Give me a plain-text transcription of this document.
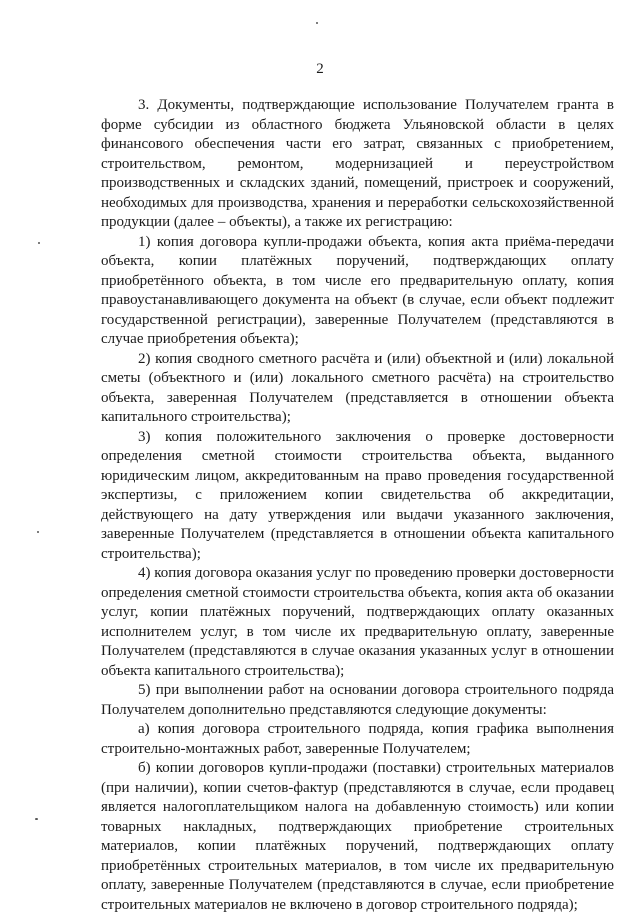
2

3. Документы, подтверждающие использование Получателем гранта в форме субсидии из областного бюджета Ульяновской области в целях финансового обеспечения части его затрат, связанных с приобретением, строительством, ремонтом, модернизацией и переустройством производственных и складских зданий, помещений, пристроек и сооружений, необходимых для производства, хранения и переработки сельскохозяйственной продукции (далее – объекты), а также их регистрацию:

1) копия договора купли-продажи объекта, копия акта приёма-передачи объекта, копии платёжных поручений, подтверждающих оплату приобретённого объекта, в том числе его предварительную оплату, копия правоустанавливающего документа на объект (в случае, если объект подлежит государственной регистрации), заверенные Получателем (представляются в случае приобретения объекта);

2) копия сводного сметного расчёта и (или) объектной и (или) локальной сметы (объектного и (или) локального сметного расчёта) на строительство объекта, заверенная Получателем (представляется в отношении объекта капитального строительства);

3) копия положительного заключения о проверке достоверности определения сметной стоимости строительства объекта, выданного юридическим лицом, аккредитованным на право проведения государственной экспертизы, с приложением копии свидетельства об аккредитации, действующего на дату утверждения или выдачи указанного заключения, заверенные Получателем (представляется в отношении объекта капитального строительства);

4) копия договора оказания услуг по проведению проверки достоверности определения сметной стоимости строительства объекта, копия акта об оказании услуг, копии платёжных поручений, подтверждающих оплату оказанных исполнителем услуг, в том числе их предварительную оплату, заверенные Получателем (представляются в случае оказания указанных услуг в отношении объекта капитального строительства);

5) при выполнении работ на основании договора строительного подряда Получателем дополнительно представляются следующие документы:

а) копия договора строительного подряда, копия графика выполнения строительно-монтажных работ, заверенные Получателем;

б) копии договоров купли-продажи (поставки) строительных материалов (при наличии), копии счетов-фактур (представляются в случае, если продавец является налогоплательщиком налога на добавленную стоимость) или копии товарных накладных, подтверждающих приобретение строительных материалов, копии платёжных поручений, подтверждающих оплату приобретённых строительных материалов, в том числе их предварительную оплату, заверенные Получателем (представляются в случае, если приобретение строительных материалов не включено в договор строительного подряда);
